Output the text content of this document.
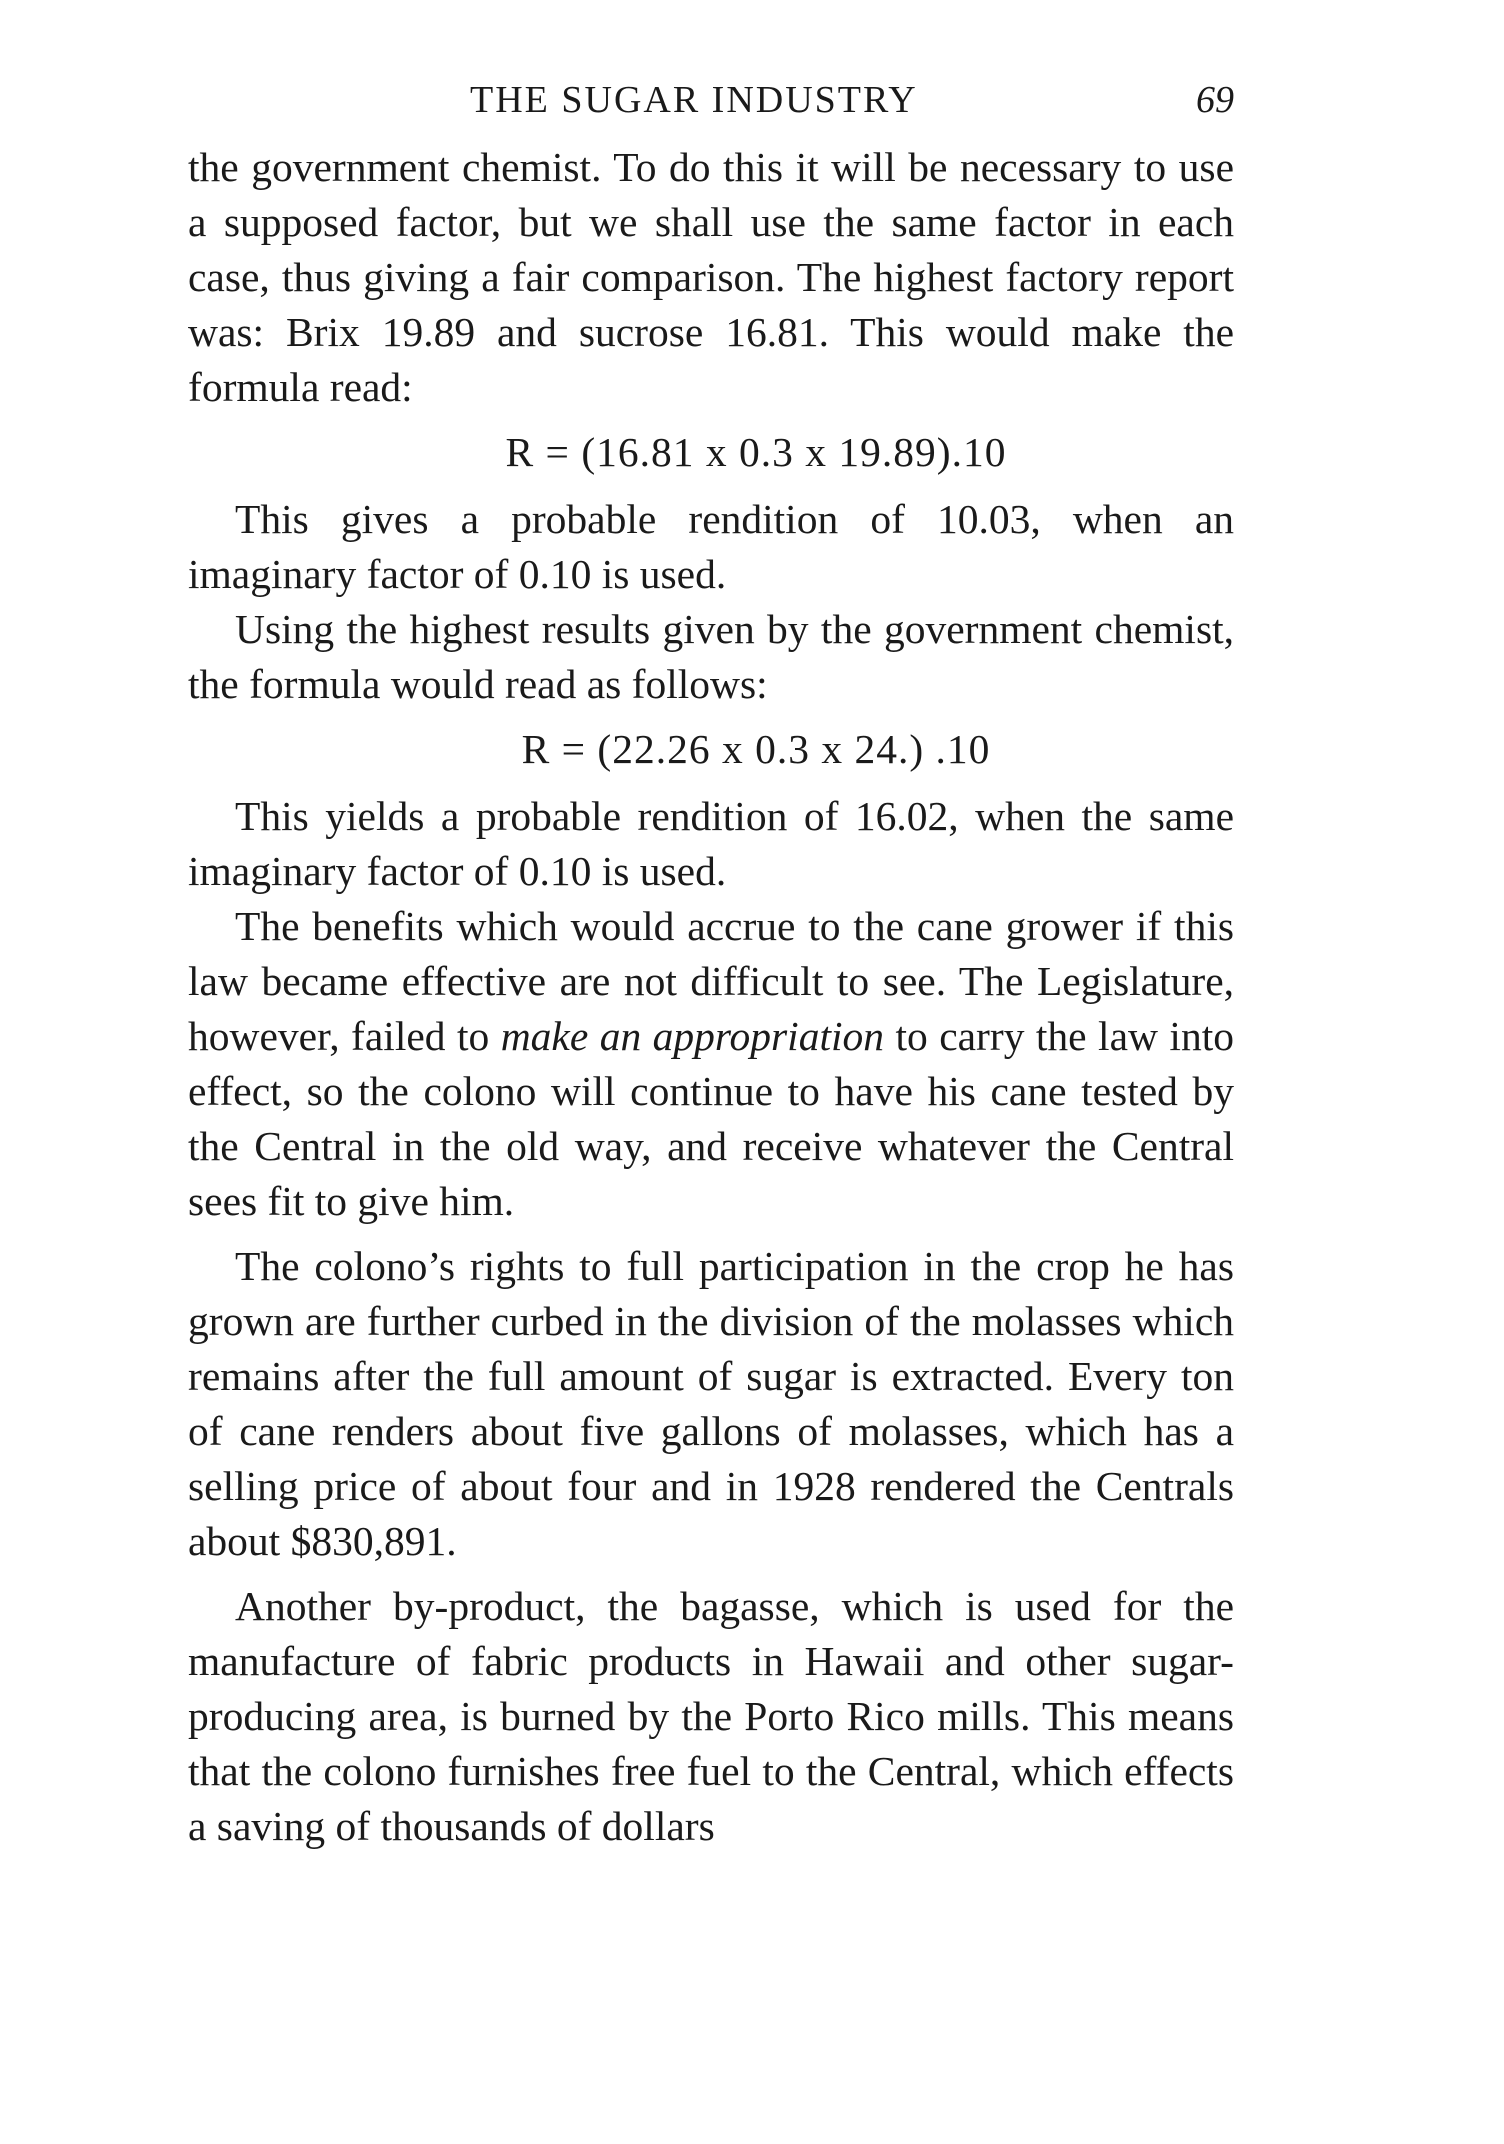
THE SUGAR INDUSTRY	69

the government chemist. To do this it will be necessary to use a supposed factor, but we shall use the same factor in each case, thus giving a fair comparison. The highest factory report was: Brix 19.89 and sucrose 16.81. This would make the formula read:

R = (16.81 x 0.3 x 19.89).10

This gives a probable rendition of 10.03, when an imaginary factor of 0.10 is used.

Using the highest results given by the government chemist, the formula would read as follows:

R = (22.26 x 0.3 x 24.) .10

This yields a probable rendition of 16.02, when the same imaginary factor of 0.10 is used.

The benefits which would accrue to the cane grower if this law became effective are not difficult to see. The Legislature, however, failed to make an appropriation to carry the law into effect, so the colono will continue to have his cane tested by the Central in the old way, and receive whatever the Central sees fit to give him.

The colono’s rights to full participation in the crop he has grown are further curbed in the division of the molasses which remains after the full amount of sugar is extracted. Every ton of cane renders about five gallons of molasses, which has a selling price of about four and in 1928 rendered the Centrals about $830,891.

Another by-product, the bagasse, which is used for the manufacture of fabric products in Hawaii and other sugar-producing area, is burned by the Porto Rico mills. This means that the colono furnishes free fuel to the Central, which effects a saving of thousands of dollars
